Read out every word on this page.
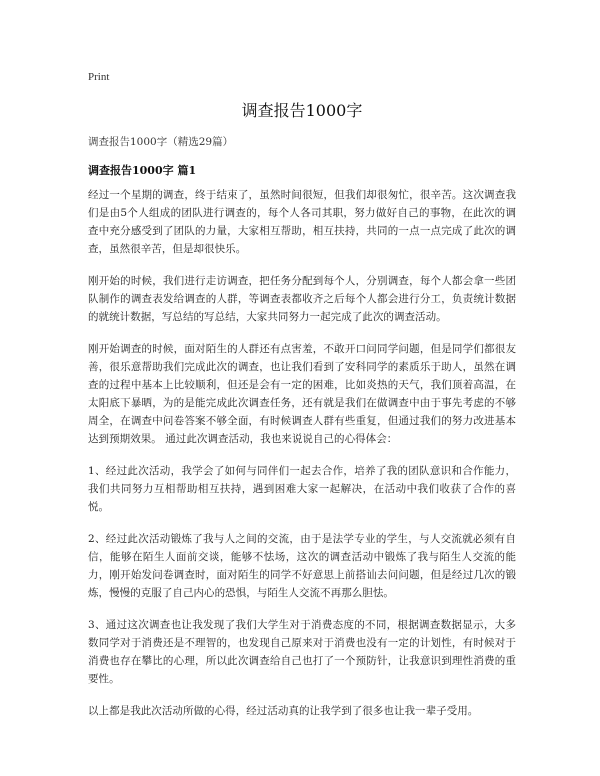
Print
调查报告1000字
调查报告1000字（精选29篇）
调查报告1000字 篇1

经过一个星期的调查，终于结束了，虽然时间很短，但我们却很匆忙，很辛苦。这次调查我们是由5个人组成的团队进行调查的，每个人各司其职，努力做好自己的事物，在此次的调查中充分感受到了团队的力量，大家相互帮助，相互扶持，共同的一点一点完成了此次的调查，虽然很辛苦，但是却很快乐。

刚开始的时候，我们进行走访调查，把任务分配到每个人，分别调查，每个人都会拿一些团队制作的调查表发给调查的人群，等调查表都收齐之后每个人都会进行分工，负责统计数据的就统计数据，写总结的写总结，大家共同努力一起完成了此次的调查活动。

刚开始调查的时候，面对陌生的人群还有点害羞，不敢开口问同学问题，但是同学们都很友善，很乐意帮助我们完成此次的调查，也让我们看到了安科同学的素质乐于助人，虽然在调查的过程中基本上比较顺利，但还是会有一定的困难，比如炎热的天气，我们顶着高温，在太阳底下暴晒，为的是能完成此次调查任务，还有就是我们在做调查中由于事先考虑的不够周全，在调查中问卷答案不够全面，有时候调查人群有些重复，但通过我们的努力改进基本达到预期效果。 通过此次调查活动，我也来说说自己的心得体会：

1、经过此次活动，我学会了如何与同伴们一起去合作，培养了我的团队意识和合作能力，我们共同努力互相帮助相互扶持，遇到困难大家一起解决，在活动中我们收获了合作的喜悦。

2、经过此次活动锻炼了我与人之间的交流，由于是法学专业的学生，与人交流就必须有自信，能够在陌生人面前交谈，能够不怯场，这次的调查活动中锻炼了我与陌生人交流的能力，刚开始发问卷调查时，面对陌生的同学不好意思上前搭讪去问问题，但是经过几次的锻炼，慢慢的克服了自己内心的恐惧，与陌生人交流不再那么胆怯。

3、通过这次调查也让我发现了我们大学生对于消费态度的不同，根据调查数据显示，大多数同学对于消费还是不理智的，也发现自己原来对于消费也没有一定的计划性，有时候对于消费也存在攀比的心理，所以此次调查给自己也打了一个预防针，让我意识到理性消费的重要性。

以上都是我此次活动所做的心得，经过活动真的让我学到了很多也让我一辈子受用。
